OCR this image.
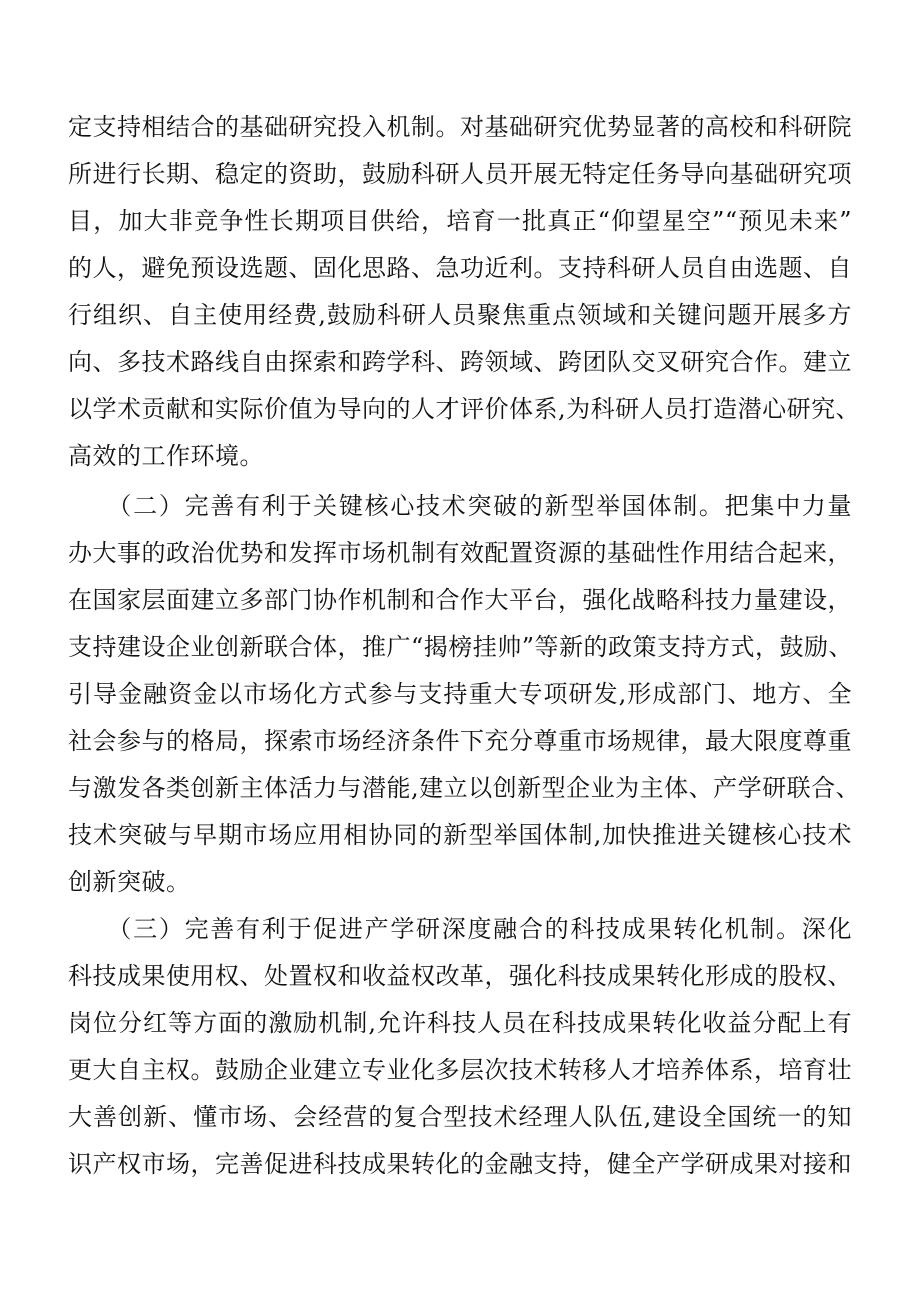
定支持相结合的基础研究投入机制。对基础研究优势显著的高校和科研院
所进行长期、稳定的资助，鼓励科研人员开展无特定任务导向基础研究项
目，加大非竞争性长期项目供给，培育一批真正“仰望星空”“预见未来”
的人，避免预设选题、固化思路、急功近利。支持科研人员自由选题、自
行组织、自主使用经费,鼓励科研人员聚焦重点领域和关键问题开展多方
向、多技术路线自由探索和跨学科、跨领域、跨团队交叉研究合作。建立
以学术贡献和实际价值为导向的人才评价体系,为科研人员打造潜心研究、
高效的工作环境。
　　（二）完善有利于关键核心技术突破的新型举国体制。把集中力量
办大事的政治优势和发挥市场机制有效配置资源的基础性作用结合起来，
在国家层面建立多部门协作机制和合作大平台，强化战略科技力量建设，
支持建设企业创新联合体，推广“揭榜挂帅”等新的政策支持方式，鼓励、
引导金融资金以市场化方式参与支持重大专项研发,形成部门、地方、全
社会参与的格局，探索市场经济条件下充分尊重市场规律，最大限度尊重
与激发各类创新主体活力与潜能,建立以创新型企业为主体、产学研联合、
技术突破与早期市场应用相协同的新型举国体制,加快推进关键核心技术
创新突破。
　　（三）完善有利于促进产学研深度融合的科技成果转化机制。深化
科技成果使用权、处置权和收益权改革，强化科技成果转化形成的股权、
岗位分红等方面的激励机制,允许科技人员在科技成果转化收益分配上有
更大自主权。鼓励企业建立专业化多层次技术转移人才培养体系，培育壮
大善创新、懂市场、会经营的复合型技术经理人队伍,建设全国统一的知
识产权市场，完善促进科技成果转化的金融支持，健全产学研成果对接和
